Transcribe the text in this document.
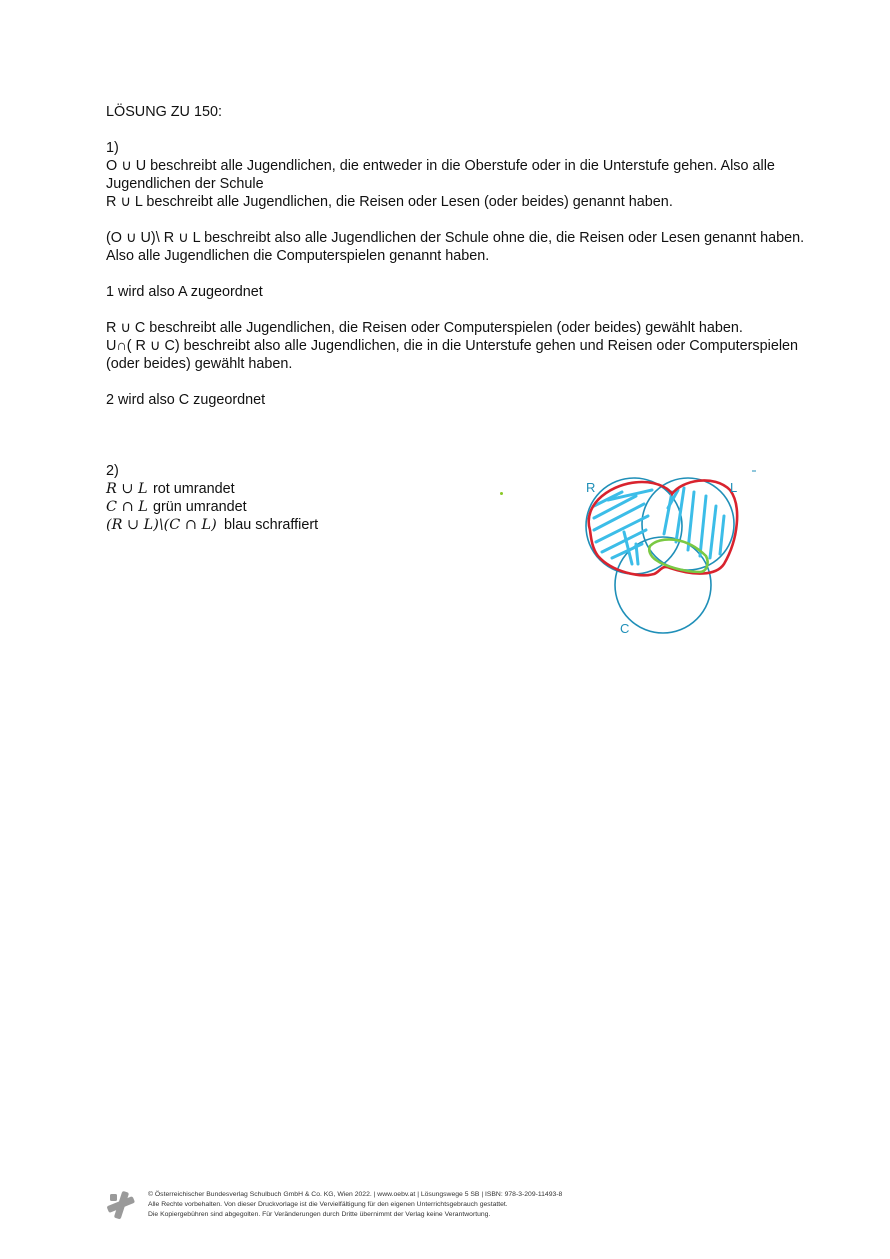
LÖSUNG ZU 150:

1)

O ∪ U beschreibt alle Jugendlichen, die entweder in die Oberstufe oder in die Unterstufe gehen. Also alle Jugendlichen der Schule

R ∪ L beschreibt alle Jugendlichen, die Reisen oder Lesen (oder beides) genannt haben.

(O ∪ U)\ R ∪ L beschreibt also alle Jugendlichen der Schule ohne die, die Reisen oder Lesen genannt haben. Also alle Jugendlichen die Computerspielen genannt haben.

1 wird also A zugeordnet

R ∪ C beschreibt alle Jugendlichen, die Reisen oder Computerspielen (oder beides) gewählt haben.

U∩( R ∪ C) beschreibt also alle Jugendlichen, die in die Unterstufe gehen und Reisen oder Computerspielen (oder beides) gewählt haben.

2 wird also C zugeordnet

2)

R ∪ L rot umrandet
C ∩ L grün umrandet
(R ∪ L)\(C ∩ L) blau schraffiert
R	L
C
© Österreichischer Bundesverlag Schulbuch GmbH & Co. KG, Wien 2022. | www.oebv.at | Lösungswege 5 SB | ISBN: 978-3-209-11493-8
Alle Rechte vorbehalten. Von dieser Druckvorlage ist die Vervielfältigung für den eigenen Unterrichtsgebrauch gestattet.
Die Kopiergebühren sind abgegolten. Für Veränderungen durch Dritte übernimmt der Verlag keine Verantwortung.
